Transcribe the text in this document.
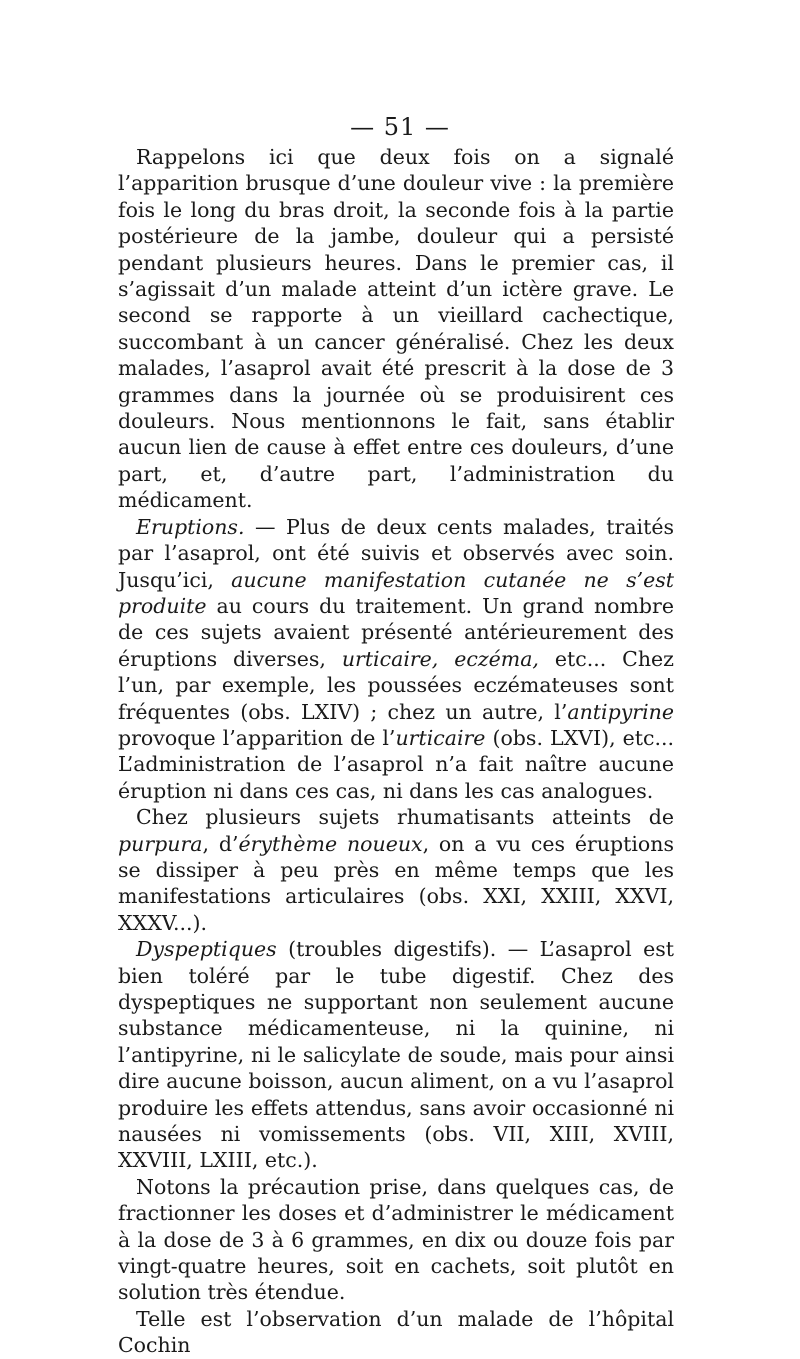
— 51 —

Rappelons ici que deux fois on a signalé l’apparition brusque d’une douleur vive : la première fois le long du bras droit, la seconde fois à la partie postérieure de la jambe, douleur qui a persisté pendant plusieurs heures. Dans le premier cas, il s’agissait d’un malade atteint d’un ictère grave. Le second se rapporte à un vieillard cachectique, succombant à un cancer généralisé. Chez les deux malades, l’asaprol avait été prescrit à la dose de 3 grammes dans la journée où se produisirent ces douleurs. Nous mentionnons le fait, sans établir aucun lien de cause à effet entre ces douleurs, d’une part, et, d’autre part, l’administration du médicament.

Eruptions. — Plus de deux cents malades, traités par l’asaprol, ont été suivis et observés avec soin. Jusqu’ici, aucune manifestation cutanée ne s’est produite au cours du traitement. Un grand nombre de ces sujets avaient présenté antérieurement des éruptions diverses, urticaire, eczéma, etc... Chez l’un, par exemple, les poussées eczémateuses sont fréquentes (obs. LXIV) ; chez un autre, l’antipyrine provoque l’apparition de l’urticaire (obs. LXVI), etc... L’administration de l’asaprol n’a fait naître aucune éruption ni dans ces cas, ni dans les cas analogues.

Chez plusieurs sujets rhumatisants atteints de purpura, d’érythème noueux, on a vu ces éruptions se dissiper à peu près en même temps que les manifestations articulaires (obs. XXI, XXIII, XXVI, XXXV...).

Dyspeptiques (troubles digestifs). — L’asaprol est bien toléré par le tube digestif. Chez des dyspeptiques ne supportant non seulement aucune substance médicamenteuse, ni la quinine, ni l’antipyrine, ni le salicylate de soude, mais pour ainsi dire aucune boisson, aucun aliment, on a vu l’asaprol produire les effets attendus, sans avoir occasionné ni nausées ni vomissements (obs. VII, XIII, XVIII, XXVIII, LXIII, etc.).

Notons la précaution prise, dans quelques cas, de fractionner les doses et d’administrer le médicament à la dose de 3 à 6 grammes, en dix ou douze fois par vingt-quatre heures, soit en cachets, soit plutôt en solution très étendue.

Telle est l’observation d’un malade de l’hôpital Cochin
